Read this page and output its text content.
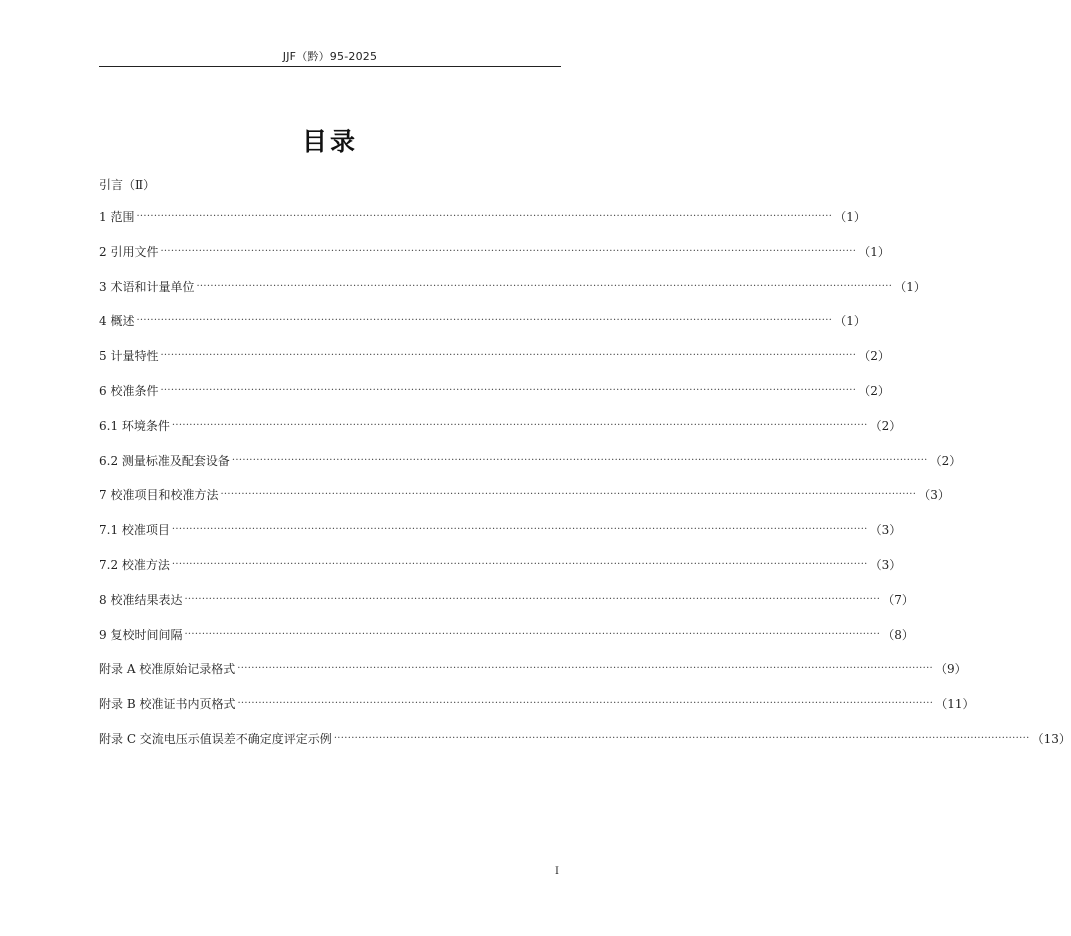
JJF（黔）95-2025
目录
引言（Ⅱ）
1 范围 ········································································································································································································ （1）
2 引用文件 ········································································································································································································ （1）
3 术语和计量单位 ········································································································································································································ （1）
4 概述 ········································································································································································································ （1）
5 计量特性 ········································································································································································································ （2）
6 校准条件 ········································································································································································································ （2）
6.1 环境条件 ········································································································································································································ （2）
6.2 测量标准及配套设备 ········································································································································································································ （2）
7 校准项目和校准方法 ········································································································································································································ （3）
7.1 校准项目 ········································································································································································································ （3）
7.2 校准方法 ········································································································································································································ （3）
8 校准结果表达 ········································································································································································································ （7）
9 复校时间间隔 ········································································································································································································ （8）
附录 A 校准原始记录格式 ········································································································································································································ （9）
附录 B 校准证书内页格式 ········································································································································································································ （11）
附录 C 交流电压示值误差不确定度评定示例 ········································································································································································································ （13）
I
